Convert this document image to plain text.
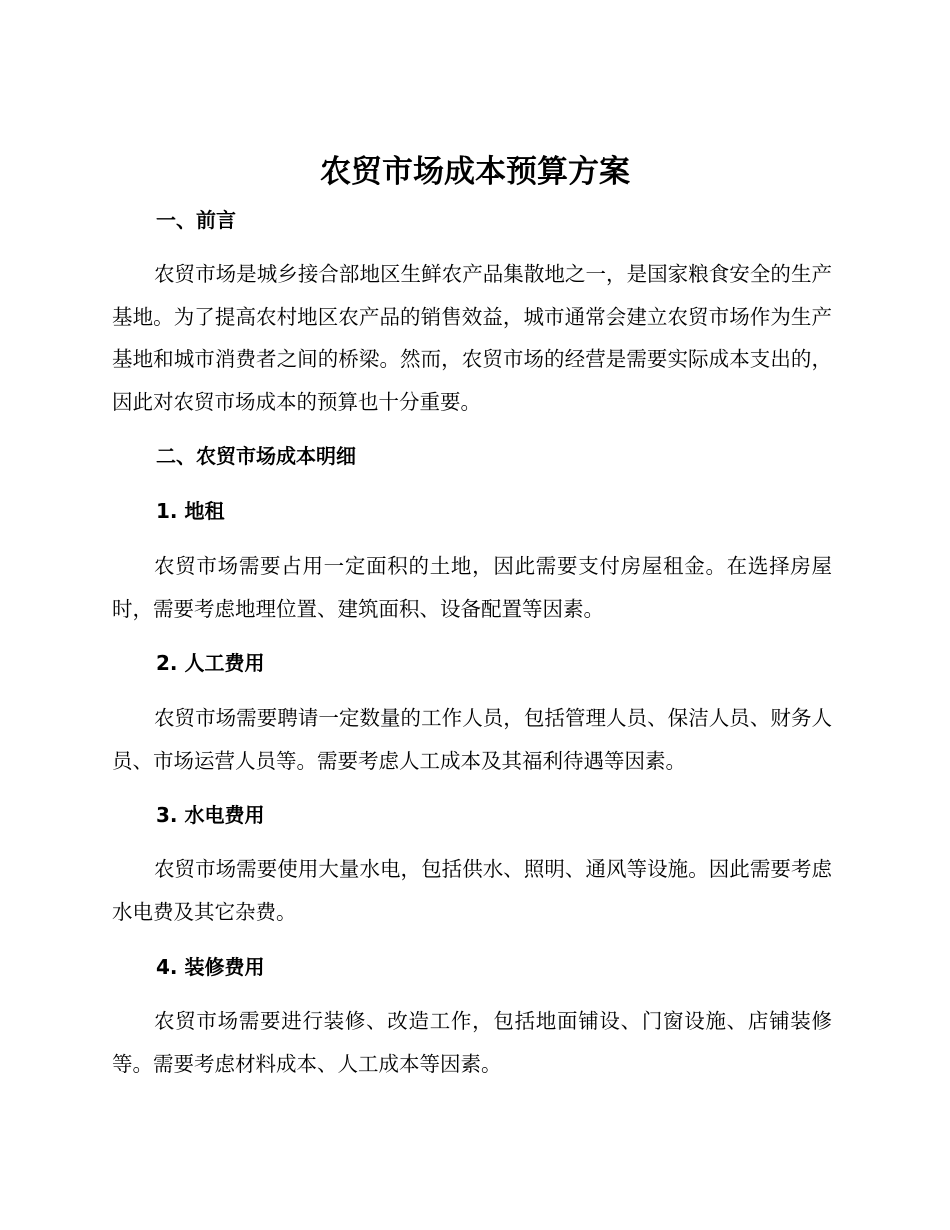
农贸市场成本预算方案
一、前言

农贸市场是城乡接合部地区生鲜农产品集散地之一，是国家粮食安全的生产基地。为了提高农村地区农产品的销售效益，城市通常会建立农贸市场作为生产基地和城市消费者之间的桥梁。然而，农贸市场的经营是需要实际成本支出的，因此对农贸市场成本的预算也十分重要。

二、农贸市场成本明细
1. 地租

农贸市场需要占用一定面积的土地，因此需要支付房屋租金。在选择房屋时，需要考虑地理位置、建筑面积、设备配置等因素。

2. 人工费用

农贸市场需要聘请一定数量的工作人员，包括管理人员、保洁人员、财务人员、市场运营人员等。需要考虑人工成本及其福利待遇等因素。

3. 水电费用

农贸市场需要使用大量水电，包括供水、照明、通风等设施。因此需要考虑水电费及其它杂费。

4. 装修费用

农贸市场需要进行装修、改造工作，包括地面铺设、门窗设施、店铺装修等。需要考虑材料成本、人工成本等因素。
